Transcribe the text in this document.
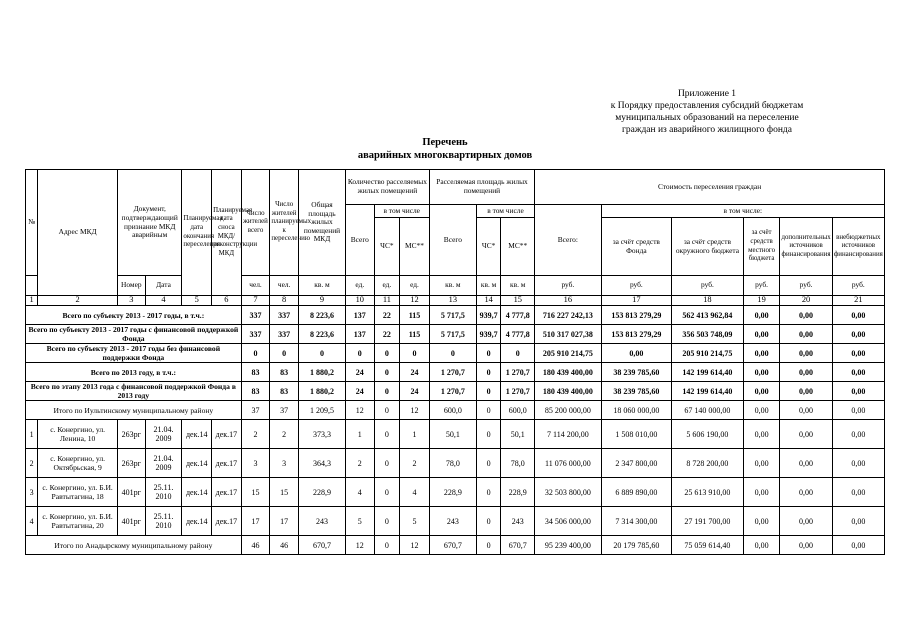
Приложение 1
к Порядку предоставления субсидий бюджетам
муниципальных образований на переселение
граждан из аварийного жилищного фонда
Перечень
аварийных многоквартирных домов
№	Адрес МКД	Документ, подтверждающий признание МКД аварийным		Планируемая дата окончания переселения	Планируемая дата сноса МКД/реконструкции МКД	Число жителей всего	Число жителей планируемых к переселению	Общая площадь жилых помещений МКД	Количество расселяемых жилых помещений			Расселяемая площадь жилых помещений			Стоимость переселения граждан					
									Всего	в том числе		Всего	в том числе		Всего:	в том числе:				
										ЧС*	МС**		ЧС*	МС**		за счёт средств Фонда	за счёт средств окружного бюджета	за счёт средств местного бюджета	дополнительных источников финансирования	внебюджетных источников финансирования
		Номер	Дата			чел.	чел.	кв. м	ед.	ед.	ед.	кв. м	кв. м	кв. м	руб.	руб.	руб.	руб.	руб.	руб.
1	2	3	4	5	6	7	8	9	10	11	12	13	14	15	16	17	18	19	20	21
Всего по субъекту 2013 - 2017 годы, в т.ч.:						337	337	8 223,6	137	22	115	5 717,5	939,7	4 777,8	716 227 242,13	153 813 279,29	562 413 962,84	0,00	0,00	0,00
Всего по субъекту 2013 - 2017 годы с финансовой поддержкой Фонда						337	337	8 223,6	137	22	115	5 717,5	939,7	4 777,8	510 317 027,38	153 813 279,29	356 503 748,09	0,00	0,00	0,00
Всего по субъекту 2013 - 2017 годы без финансовой поддержки Фонда						0	0	0	0	0	0	0	0	0	205 910 214,75	0,00	205 910 214,75	0,00	0,00	0,00
Всего по 2013 году, в т.ч.:						83	83	1 880,2	24	0	24	1 270,7	0	1 270,7	180 439 400,00	38 239 785,60	142 199 614,40	0,00	0,00	0,00
Всего по этапу 2013 года с финансовой поддержкой Фонда в 2013 году						83	83	1 880,2	24	0	24	1 270,7	0	1 270,7	180 439 400,00	38 239 785,60	142 199 614,40	0,00	0,00	0,00
Итого по Иультинскому муниципальному району						37	37	1 209,5	12	0	12	600,0	0	600,0	85 200 000,00	18 060 000,00	67 140 000,00	0,00	0,00	0,00
1	с. Конергино, ул. Ленина, 10	263рг	21.04. 2009	дек.14	дек.17	2	2	373,3	1	0	1	50,1	0	50,1	7 114 200,00	1 508 010,00	5 606 190,00	0,00	0,00	0,00
2	с. Конергино, ул. Октябрьская, 9	263рг	21.04. 2009	дек.14	дек.17	3	3	364,3	2	0	2	78,0	0	78,0	11 076 000,00	2 347 800,00	8 728 200,00	0,00	0,00	0,00
3	с. Конергино, ул. Б.И. Равтытагина, 18	401рг	25.11. 2010	дек.14	дек.17	15	15	228,9	4	0	4	228,9	0	228,9	32 503 800,00	6 889 890,00	25 613 910,00	0,00	0,00	0,00
4	с. Конергино, ул. Б.И. Равтытагина, 20	401рг	25.11. 2010	дек.14	дек.17	17	17	243	5	0	5	243	0	243	34 506 000,00	7 314 300,00	27 191 700,00	0,00	0,00	0,00
Итого по Анадырскому муниципальному району						46	46	670,7	12	0	12	670,7	0	670,7	95 239 400,00	20 179 785,60	75 059 614,40	0,00	0,00	0,00
